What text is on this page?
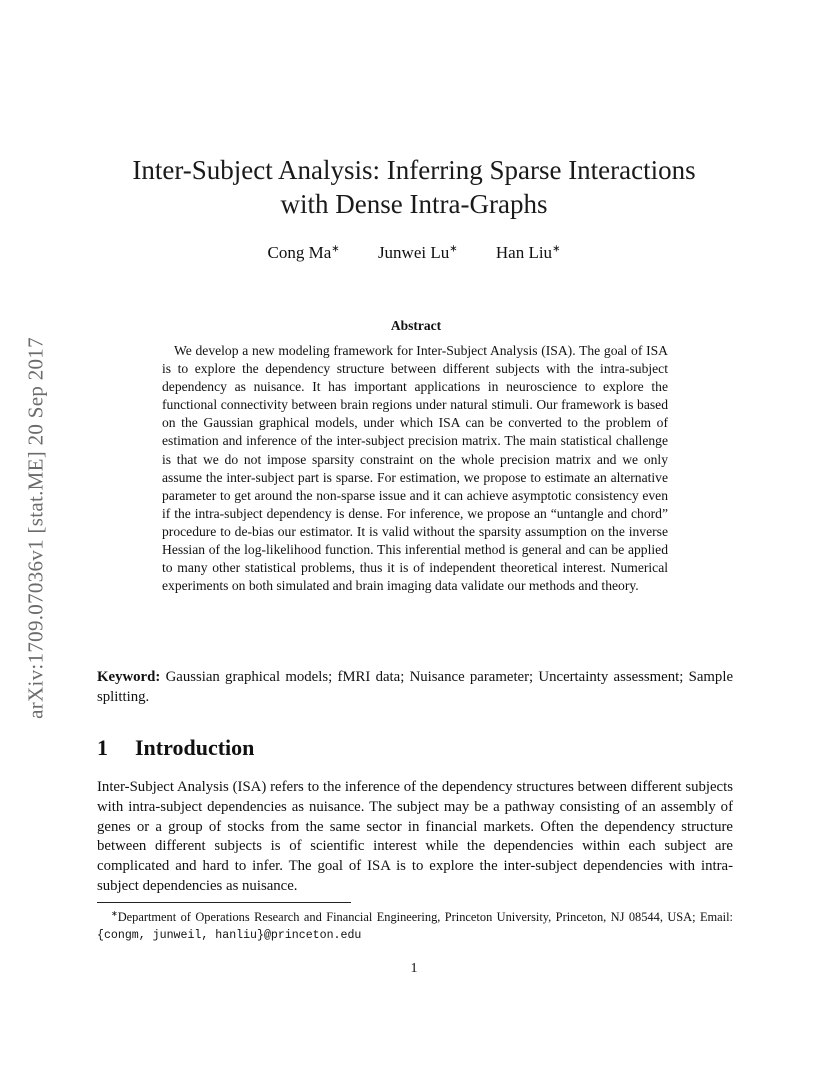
arXiv:1709.07036v1 [stat.ME] 20 Sep 2017
Inter-Subject Analysis: Inferring Sparse Interactions
with Dense Intra-Graphs
Cong Ma∗ Junwei Lu∗ Han Liu∗
Abstract

We develop a new modeling framework for Inter-Subject Analysis (ISA). The goal of ISA is to explore the dependency structure between different subjects with the intra-subject dependency as nuisance. It has important applications in neuroscience to explore the functional connectivity between brain regions under natural stimuli. Our framework is based on the Gaussian graphical models, under which ISA can be converted to the problem of estimation and inference of the inter-subject precision matrix. The main statistical challenge is that we do not impose sparsity constraint on the whole precision matrix and we only assume the inter-subject part is sparse. For estimation, we propose to estimate an alternative parameter to get around the non-sparse issue and it can achieve asymptotic consistency even if the intra-subject dependency is dense. For inference, we propose an “untangle and chord” procedure to de-bias our estimator. It is valid without the sparsity assumption on the inverse Hessian of the log-likelihood function. This inferential method is general and can be applied to many other statistical problems, thus it is of independent theoretical interest. Numerical experiments on both simulated and brain imaging data validate our methods and theory.

Keyword: Gaussian graphical models; fMRI data; Nuisance parameter; Uncertainty assessment; Sample splitting.
1 Introduction

Inter-Subject Analysis (ISA) refers to the inference of the dependency structures between different subjects with intra-subject dependencies as nuisance. The subject may be a pathway consisting of an assembly of genes or a group of stocks from the same sector in financial markets. Often the dependency structure between different subjects is of scientific interest while the dependencies within each subject are complicated and hard to infer. The goal of ISA is to explore the inter-subject dependencies with intra-subject dependencies as nuisance.

∗Department of Operations Research and Financial Engineering, Princeton University, Princeton, NJ 08544, USA; Email: {congm, junweil, hanliu}@princeton.edu

1
